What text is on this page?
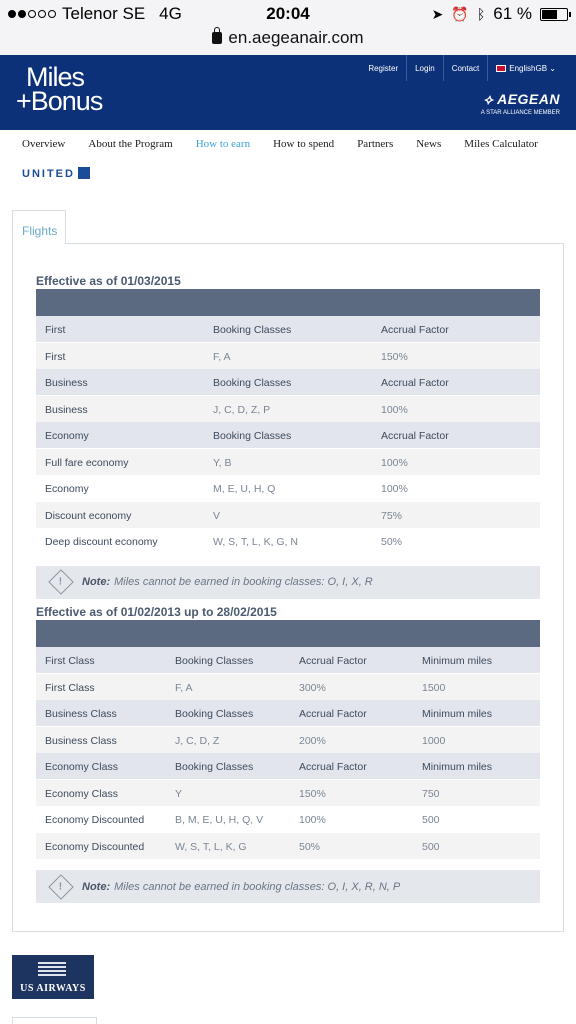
Telenor SE 4G	20:04	➤ ⏰ ᛒ 61 %
en.aegeanair.com
Miles
+Bonus
Register	Login	Contact	EnglishGB ⌄
⟡ AEGEAN
A STAR ALLIANCE MEMBER
Overview About the Program How to earn How to spend Partners News Miles Calculator
UNITED
Flights
Effective as of 01/03/2015
First	Booking Classes	Accrual Factor
First	F, A	150%
Business	Booking Classes	Accrual Factor
Business	J, C, D, Z, P	100%
Economy	Booking Classes	Accrual Factor
Full fare economy	Y, B	100%
Economy	M, E, U, H, Q	100%
Discount economy	V	75%
Deep discount economy	W, S, T, L, K, G, N	50%
! Note: Miles cannot be earned in booking classes: O, I, X, R
Effective as of 01/02/2013 up to 28/02/2015
First Class	Booking Classes	Accrual Factor	Minimum miles
First Class	F, A	300%	1500
Business Class	Booking Classes	Accrual Factor	Minimum miles
Business Class	J, C, D, Z	200%	1000
Economy Class	Booking Classes	Accrual Factor	Minimum miles
Economy Class	Y	150%	750
Economy Discounted	B, M, E, U, H, Q, V	100%	500
Economy Discounted	W, S, T, L, K, G	50%	500
! Note: Miles cannot be earned in booking classes: O, I, X, R, N, P
US AIRWAYS
